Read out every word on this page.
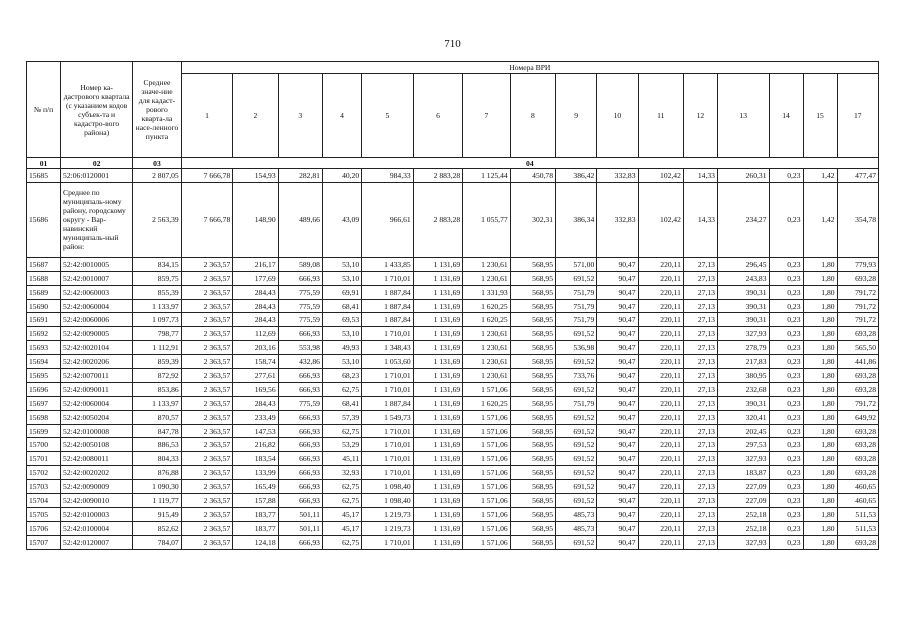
710
№ п/п	Номер ка-дастрового квартала (с указанием кодов субъек-та и кадастро-вого района)	Среднее значе-ние для кадаст-рового кварта-ла насе-ленного пункта	Номера ВРИ															
			1	2	3	4	5	6	7	8	9	10	11	12	13	14	15	17
01	02	03	04															
15685	52:06:0120001	2 807,05	7 666,78	154,93	282,81	40,20	984,33	2 883,28	1 125,44	450,78	386,42	332,83	102,42	14,33	260,31	0,23	1,42	477,47
15686	Среднее по муниципаль-ному району, городскому округу - Вар-навинский муниципаль-ный район:	2 563,39	7 666,78	148,90	489,66	43,09	966,61	2 883,28	1 055,77	302,31	386,34	332,83	102,42	14,33	234,27	0,23	1,42	354,78
15687	52:42:0010005	834,15	2 363,57	216,17	589,08	53,10	1 433,85	1 131,69	1 230,61	568,95	571,00	90,47	220,11	27,13	296,45	0,23	1,80	779,93
15688	52:42:0010007	859,75	2 363,57	177,69	666,93	53,10	1 710,01	1 131,69	1 230,61	568,95	691,52	90,47	220,11	27,13	243,83	0,23	1,80	693,28
15689	52:42:0060003	855,39	2 363,57	284,43	775,59	69,91	1 887,84	1 131,69	1 331,93	568,95	751,79	90,47	220,11	27,13	390,31	0,23	1,80	791,72
15690	52:42:0060004	1 133,97	2 363,57	284,43	775,59	68,41	1 887,84	1 131,69	1 620,25	568,95	751,79	90,47	220,11	27,13	390,31	0,23	1,80	791,72
15691	52:42:0060006	1 097,73	2 363,57	284,43	775,59	69,53	1 887,84	1 131,69	1 620,25	568,95	751,79	90,47	220,11	27,13	390,31	0,23	1,80	791,72
15692	52:42:0090005	798,77	2 363,57	112,69	666,93	53,10	1 710,01	1 131,69	1 230,61	568,95	691,52	90,47	220,11	27,13	327,93	0,23	1,80	693,28
15693	52:42:0020104	1 112,91	2 363,57	203,16	553,98	49,93	1 348,43	1 131,69	1 230,61	568,95	536,98	90,47	220,11	27,13	278,79	0,23	1,80	565,50
15694	52:42:0020206	859,39	2 363,57	158,74	432,86	53,10	1 053,60	1 131,69	1 230,61	568,95	691,52	90,47	220,11	27,13	217,83	0,23	1,80	441,86
15695	52:42:0070011	872,92	2 363,57	277,61	666,93	68,23	1 710,01	1 131,69	1 230,61	568,95	733,76	90,47	220,11	27,13	380,95	0,23	1,80	693,28
15696	52:42:0090011	853,86	2 363,57	169,56	666,93	62,75	1 710,01	1 131,69	1 571,06	568,95	691,52	90,47	220,11	27,13	232,68	0,23	1,80	693,28
15697	52:42:0060004	1 133,97	2 363,57	284,43	775,59	68,41	1 887,84	1 131,69	1 620,25	568,95	751,79	90,47	220,11	27,13	390,31	0,23	1,80	791,72
15698	52:42:0050204	870,57	2 363,57	233,49	666,93	57,39	1 549,73	1 131,69	1 571,06	568,95	691,52	90,47	220,11	27,13	320,41	0,23	1,80	649,92
15699	52:42:0100008	847,78	2 363,57	147,53	666,93	62,75	1 710,01	1 131,69	1 571,06	568,95	691,52	90,47	220,11	27,13	202,45	0,23	1,80	693,28
15700	52:42:0050108	886,53	2 363,57	216,82	666,93	53,29	1 710,01	1 131,69	1 571,06	568,95	691,52	90,47	220,11	27,13	297,53	0,23	1,80	693,28
15701	52:42:0080011	804,33	2 363,57	183,54	666,93	45,11	1 710,01	1 131,69	1 571,06	568,95	691,52	90,47	220,11	27,13	327,93	0,23	1,80	693,28
15702	52:42:0020202	876,88	2 363,57	133,99	666,93	32,93	1 710,01	1 131,69	1 571,06	568,95	691,52	90,47	220,11	27,13	183,87	0,23	1,80	693,28
15703	52:42:0090009	1 090,30	2 363,57	165,49	666,93	62,75	1 098,40	1 131,69	1 571,06	568,95	691,52	90,47	220,11	27,13	227,09	0,23	1,80	460,65
15704	52:42:0090010	1 119,77	2 363,57	157,88	666,93	62,75	1 098,40	1 131,69	1 571,06	568,95	691,52	90,47	220,11	27,13	227,09	0,23	1,80	460,65
15705	52:42:0100003	915,49	2 363,57	183,77	501,11	45,17	1 219,73	1 131,69	1 571,06	568,95	485,73	90,47	220,11	27,13	252,18	0,23	1,80	511,53
15706	52:42:0100004	852,62	2 363,57	183,77	501,11	45,17	1 219,73	1 131,69	1 571,06	568,95	485,73	90,47	220,11	27,13	252,18	0,23	1,80	511,53
15707	52:42:0120007	784,07	2 363,57	124,18	666,93	62,75	1 710,01	1 131,69	1 571,06	568,95	691,52	90,47	220,11	27,13	327,93	0,23	1,80	693,28
